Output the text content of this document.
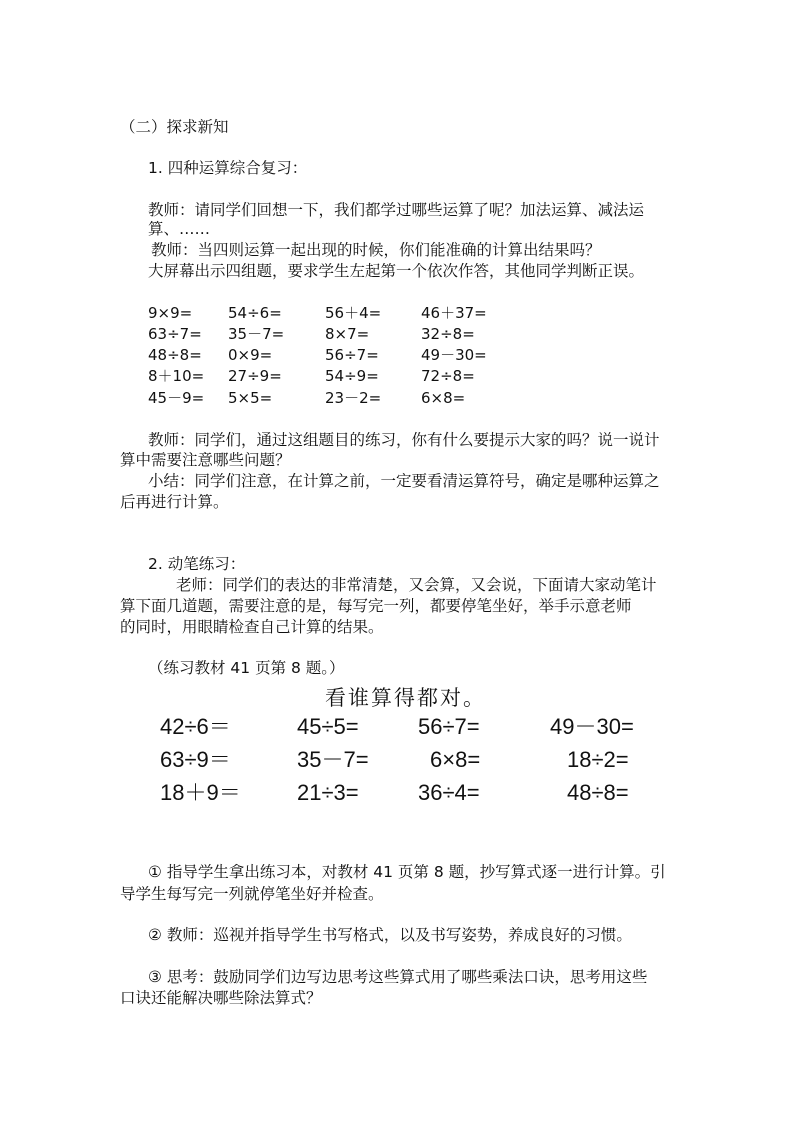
（二）探求新知
1. 四种运算综合复习：
教师：请同学们回想一下，我们都学过哪些运算了呢？加法运算、减法运
算、……
教师：当四则运算一起出现的时候，你们能准确的计算出结果吗？
大屏幕出示四组题，要求学生左起第一个依次作答，其他同学判断正误。
9×9= 54÷6=	56＋4=	46＋37=
63÷7= 35－7=	8×7=	32÷8=
48÷8= 0×9=	56÷7=	49－30=
8＋10= 27÷9=	54÷9=	72÷8=
45－9= 5×5=	23－2=	6×8=
教师：同学们，通过这组题目的练习，你有什么要提示大家的吗？说一说计
算中需要注意哪些问题？
小结：同学们注意，在计算之前，一定要看清运算符号，确定是哪种运算之
后再进行计算。
2. 动笔练习：
老师：同学们的表达的非常清楚，又会算，又会说，下面请大家动笔计
算下面几道题，需要注意的是，每写完一列，都要停笔坐好，举手示意老师
的同时，用眼睛检查自己计算的结果。
（练习教材 41 页第 8 题。）
看谁算得都对。
42÷6＝	45÷5=	56÷7=	49－30=
63÷9＝	35－7=	6×8=	18÷2=
18＋9＝	21÷3=	36÷4=	48÷8=
① 指导学生拿出练习本，对教材 41 页第 8 题，抄写算式逐一进行计算。引
导学生每写完一列就停笔坐好并检查。
② 教师：巡视并指导学生书写格式，以及书写姿势，养成良好的习惯。
③ 思考：鼓励同学们边写边思考这些算式用了哪些乘法口诀，思考用这些
口诀还能解决哪些除法算式？
